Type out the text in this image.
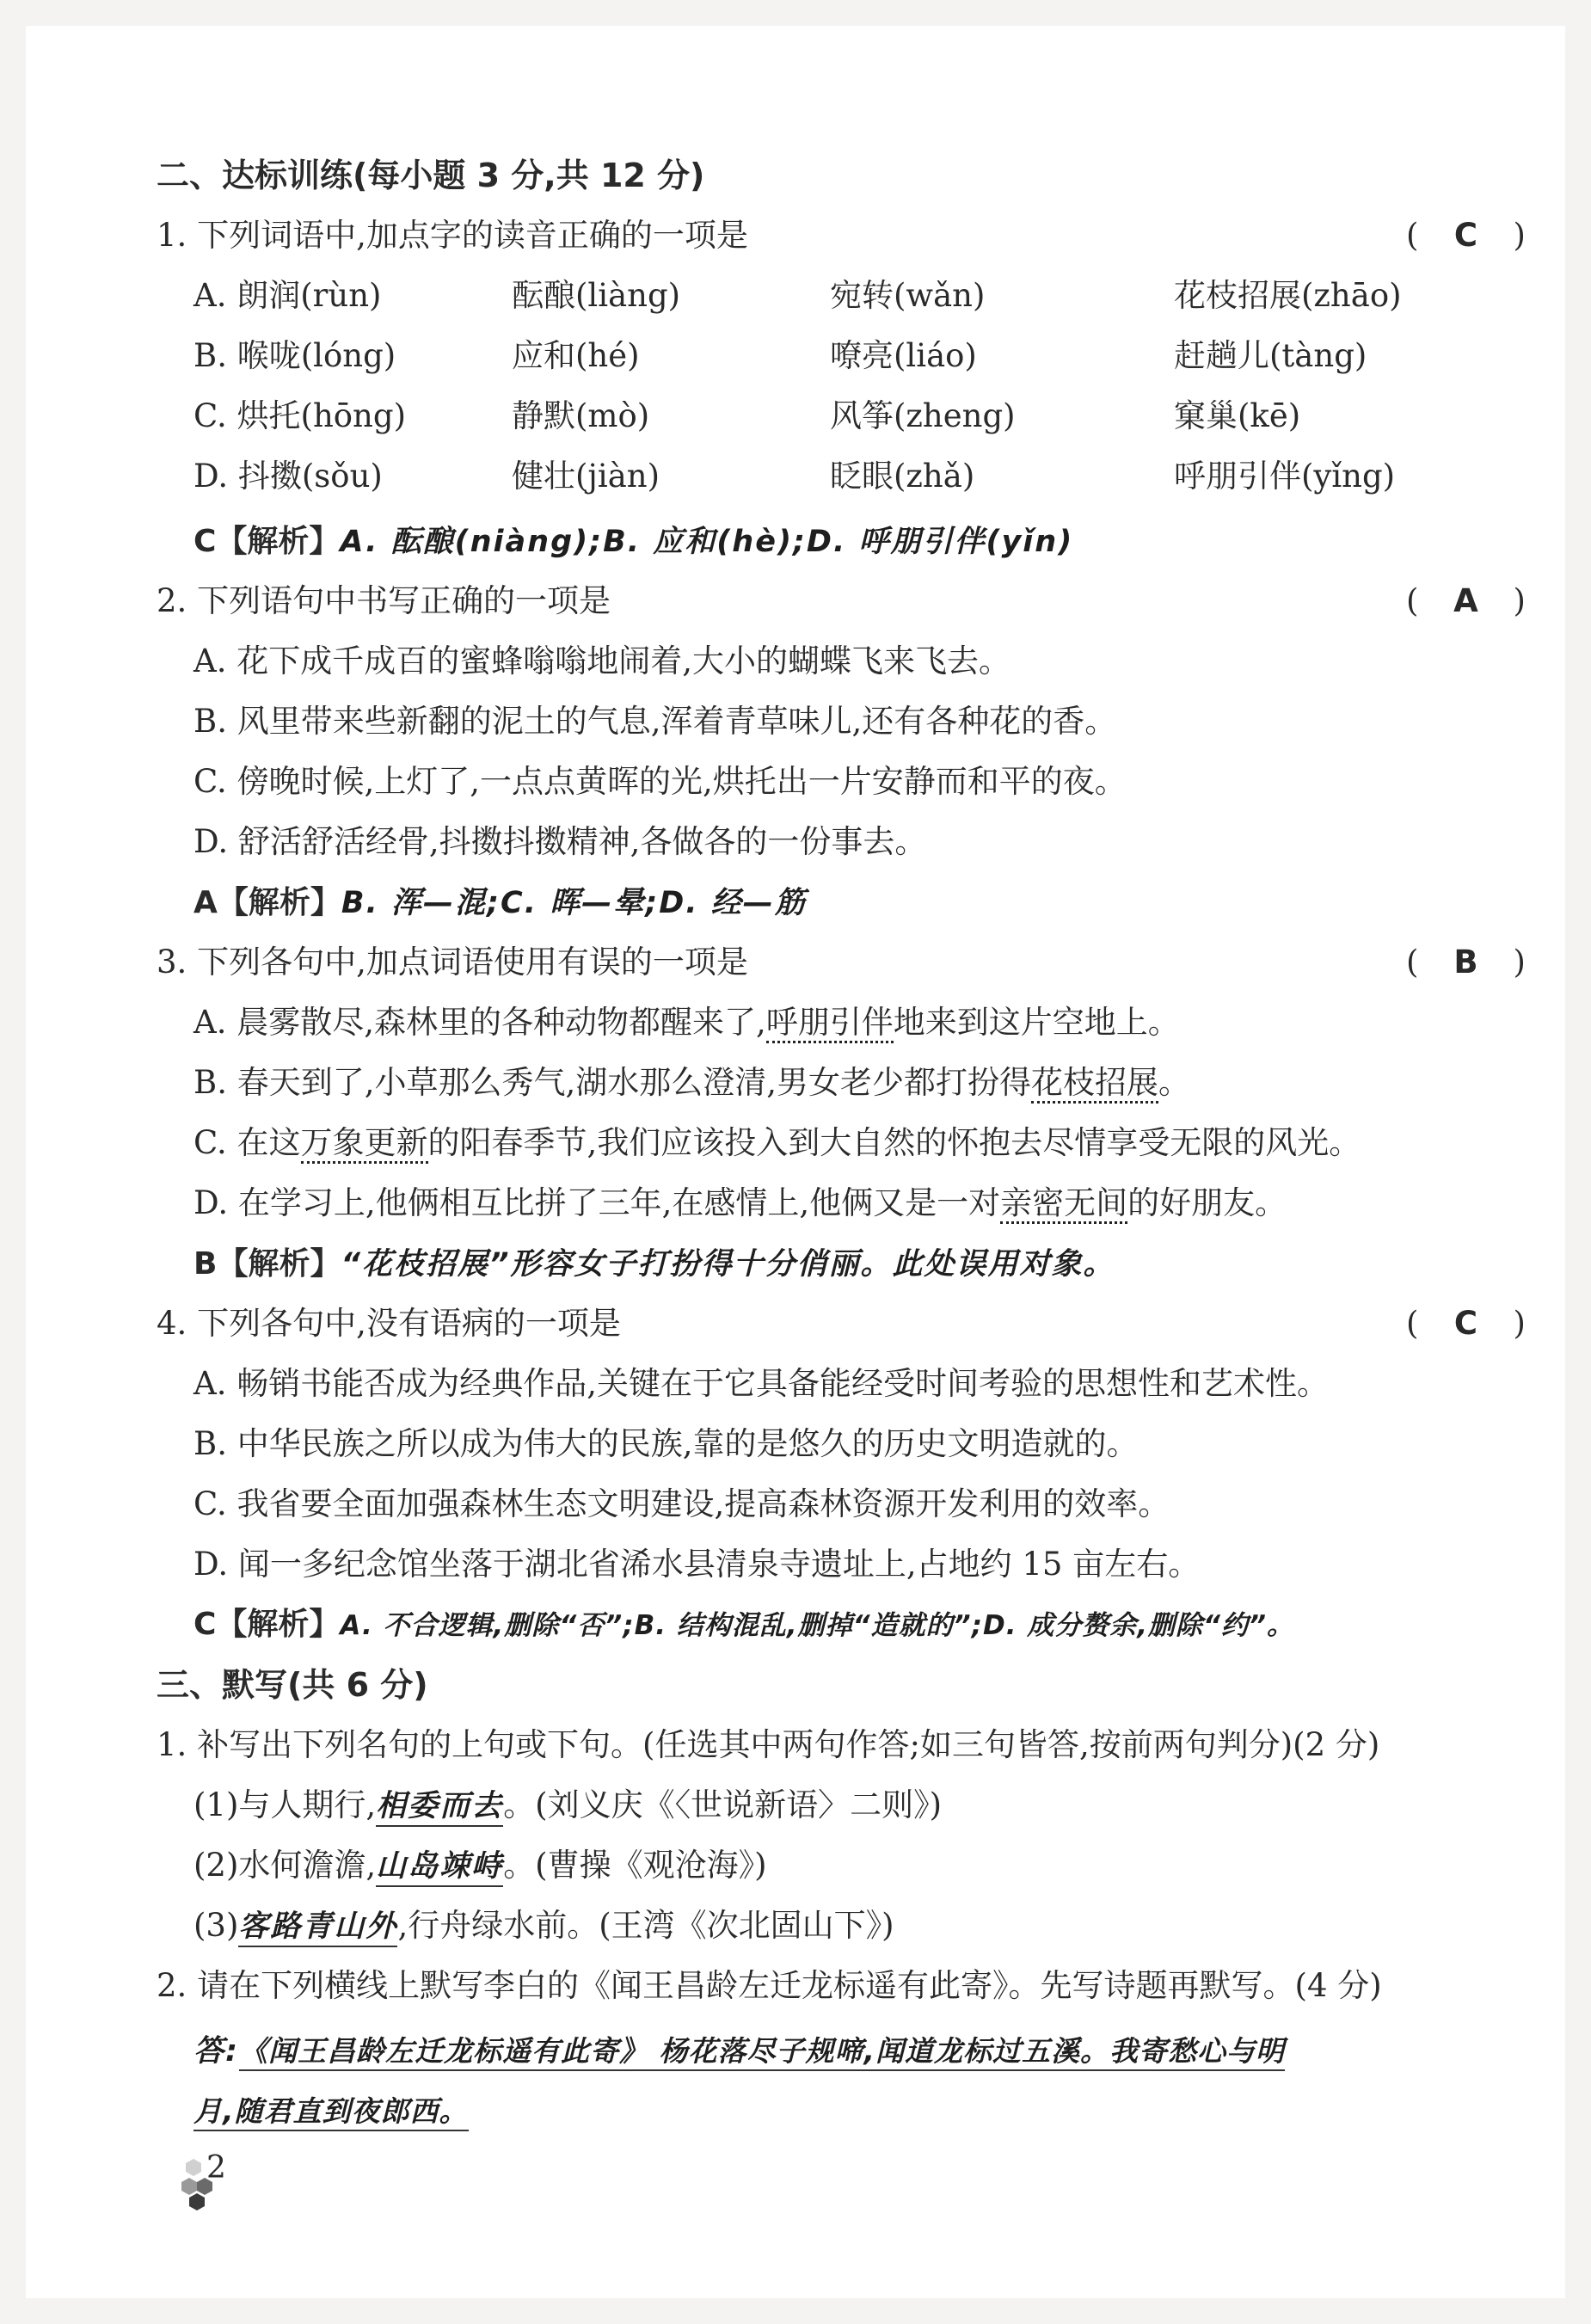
二、达标训练(每小题 3 分,共 12 分)
1. 下列词语中,加点字的读音正确的一项是	( C )
A. 朗润(rùn)	酝酿(liàng)	宛转(wǎn)	花枝招展(zhāo)
B. 喉咙(lóng)	应和(hé)	嘹亮(liáo)	赶趟儿(tàng)
C. 烘托(hōng)	静默(mò)	风筝(zheng)	窠巢(kē)
D. 抖擞(sǒu)	健壮(jiàn)	眨眼(zhǎ)	呼朋引伴(yǐng)
C【解析】A. 酝酿(niàng);B. 应和(hè);D. 呼朋引伴(yǐn)
2. 下列语句中书写正确的一项是	( A )
A. 花下成千成百的蜜蜂嗡嗡地闹着,大小的蝴蝶飞来飞去。
B. 风里带来些新翻的泥土的气息,浑着青草味儿,还有各种花的香。
C. 傍晚时候,上灯了,一点点黄晖的光,烘托出一片安静而和平的夜。
D. 舒活舒活经骨,抖擞抖擞精神,各做各的一份事去。
A【解析】B. 浑—混;C. 晖—晕;D. 经—筋
3. 下列各句中,加点词语使用有误的一项是	( B )
A. 晨雾散尽,森林里的各种动物都醒来了,呼朋引伴地来到这片空地上。
B. 春天到了,小草那么秀气,湖水那么澄清,男女老少都打扮得花枝招展。
C. 在这万象更新的阳春季节,我们应该投入到大自然的怀抱去尽情享受无限的风光。
D. 在学习上,他俩相互比拼了三年,在感情上,他俩又是一对亲密无间的好朋友。
B【解析】“花枝招展”形容女子打扮得十分俏丽。此处误用对象。
4. 下列各句中,没有语病的一项是	( C )
A. 畅销书能否成为经典作品,关键在于它具备能经受时间考验的思想性和艺术性。
B. 中华民族之所以成为伟大的民族,靠的是悠久的历史文明造就的。
C. 我省要全面加强森林生态文明建设,提高森林资源开发利用的效率。
D. 闻一多纪念馆坐落于湖北省浠水县清泉寺遗址上,占地约 15 亩左右。
C【解析】A. 不合逻辑,删除“否”;B. 结构混乱,删掉“造就的”;D. 成分赘余,删除“约”。
三、默写(共 6 分)
1. 补写出下列名句的上句或下句。(任选其中两句作答;如三句皆答,按前两句判分)(2 分)
(1)与人期行,相委而去。(刘义庆《〈世说新语〉二则》)
(2)水何澹澹,山岛竦峙。(曹操《观沧海》)
(3)客路青山外,行舟绿水前。(王湾《次北固山下》)
2. 请在下列横线上默写李白的《闻王昌龄左迁龙标遥有此寄》。先写诗题再默写。(4 分)
答:《闻王昌龄左迁龙标遥有此寄》 杨花落尽子规啼,闻道龙标过五溪。我寄愁心与明
月,随君直到夜郎西。
2
